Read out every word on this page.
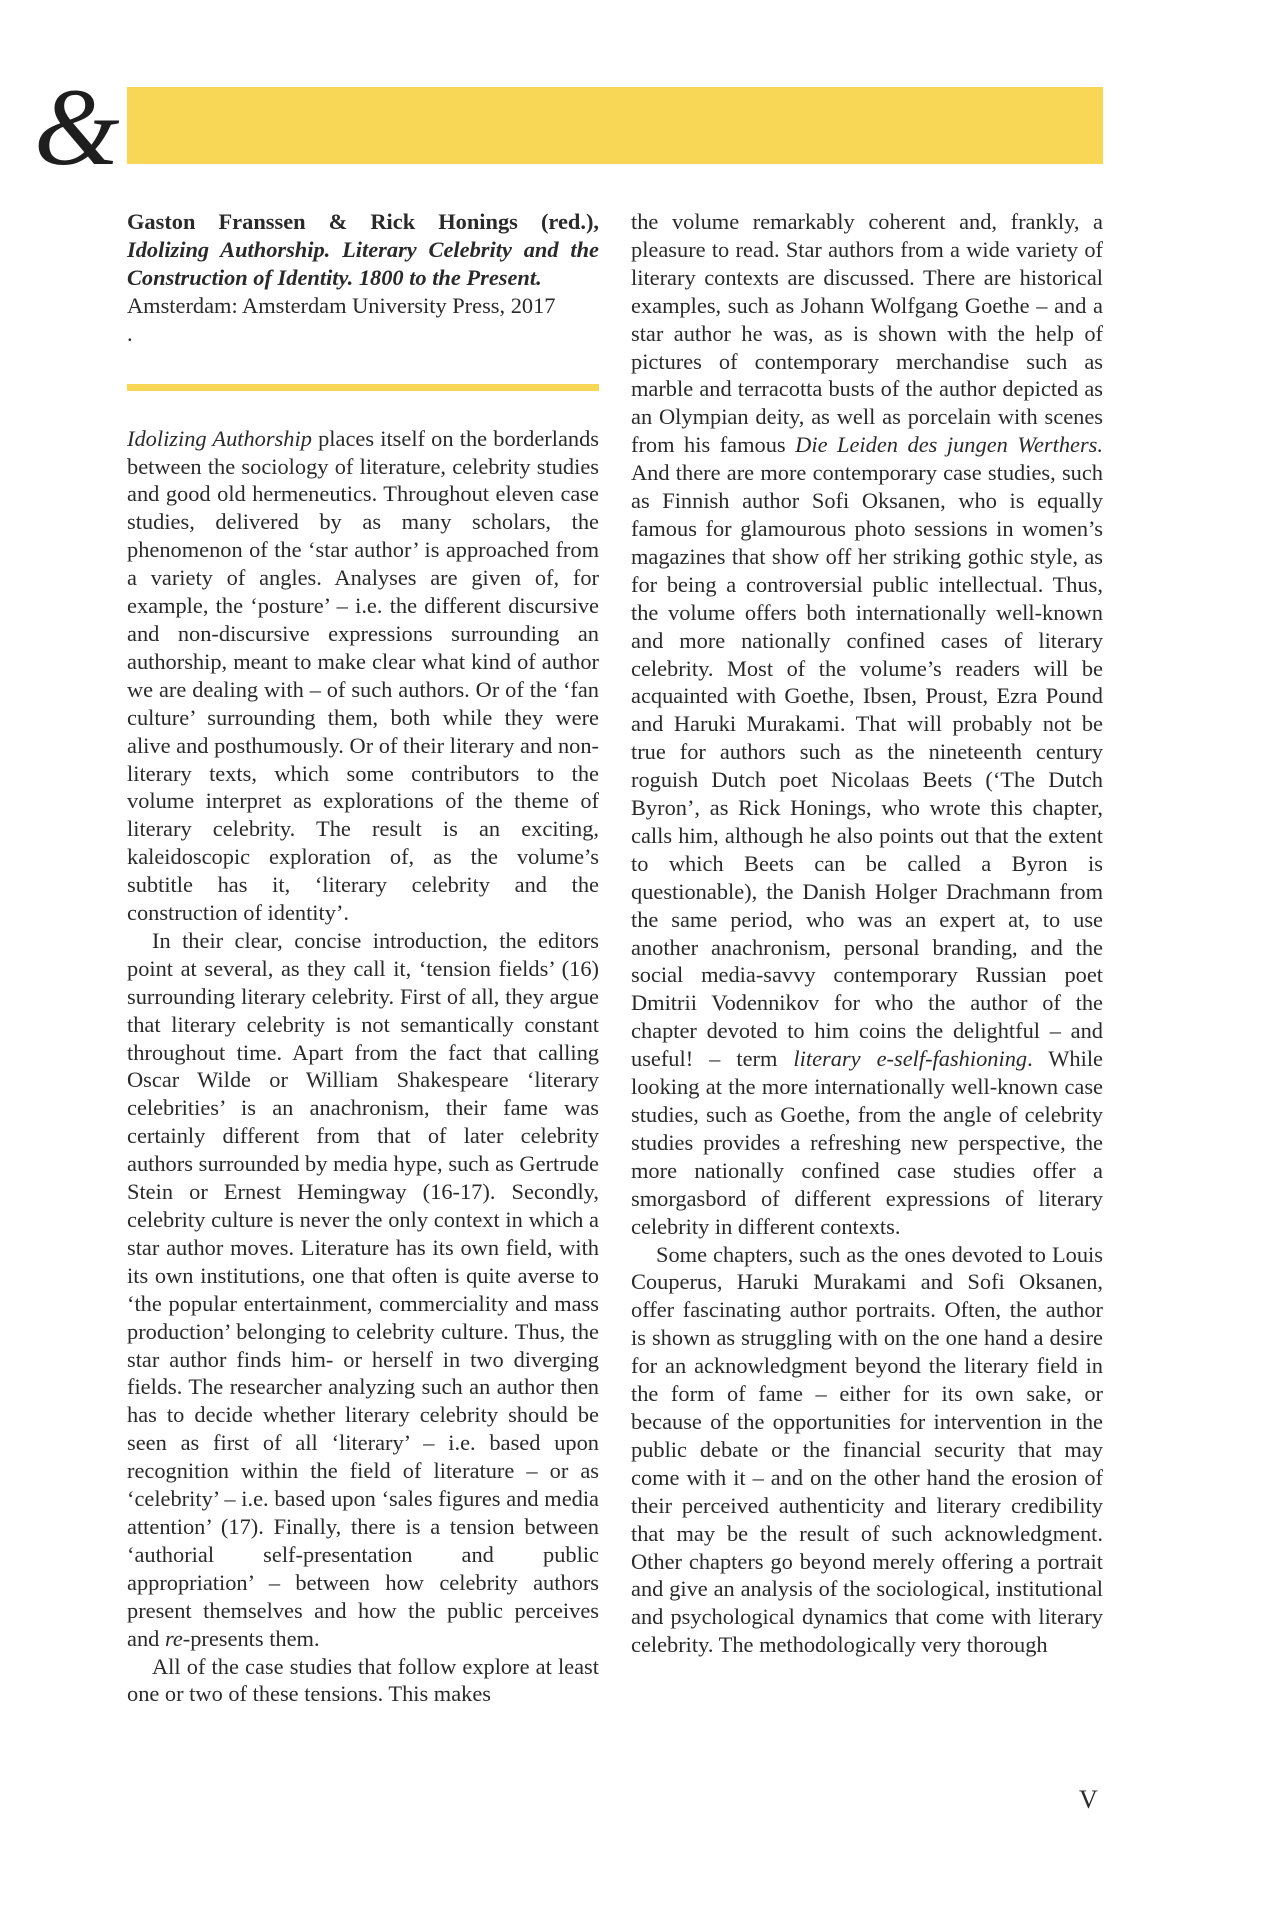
&

Gaston Franssen & Rick Honings (red.), Idolizing Authorship. Literary Celebrity and the Construction of Identity. 1800 to the Present.

Amsterdam: Amsterdam University Press, 2017

.

Idolizing Authorship places itself on the borderlands between the sociology of literature, celebrity studies and good old hermeneutics. Throughout eleven case studies, delivered by as many scholars, the phenomenon of the ‘star author’ is approached from a variety of angles. Analyses are given of, for example, the ‘posture’ – i.e. the different discursive and non-discursive expressions surrounding an authorship, meant to make clear what kind of author we are dealing with – of such authors. Or of the ‘fan culture’ surrounding them, both while they were alive and posthumously. Or of their literary and non-literary texts, which some contributors to the volume interpret as explorations of the theme of literary celebrity. The result is an exciting, kaleidoscopic exploration of, as the volume’s subtitle has it, ‘literary celebrity and the construction of identity’.

In their clear, concise introduction, the editors point at several, as they call it, ‘tension fields’ (16) surrounding literary celebrity. First of all, they argue that literary celebrity is not semantically constant throughout time. Apart from the fact that calling Oscar Wilde or William Shakespeare ‘literary celebrities’ is an anachronism, their fame was certainly different from that of later celebrity authors surrounded by media hype, such as Gertrude Stein or Ernest Hemingway (16-17). Secondly, celebrity culture is never the only context in which a star author moves. Literature has its own field, with its own institutions, one that often is quite averse to ‘the popular entertainment, commerciality and mass production’ belonging to celebrity culture. Thus, the star author finds him- or herself in two diverging fields. The researcher analyzing such an author then has to decide whether literary celebrity should be seen as first of all ‘literary’ – i.e. based upon recognition within the field of literature – or as ‘celebrity’ – i.e. based upon ‘sales figures and media attention’ (17). Finally, there is a tension between ‘authorial self-presentation and public appropriation’ – between how celebrity authors present themselves and how the public perceives and re-presents them.

All of the case studies that follow explore at least one or two of these tensions. This makes

the volume remarkably coherent and, frankly, a pleasure to read. Star authors from a wide variety of literary contexts are discussed. There are historical examples, such as Johann Wolfgang Goethe – and a star author he was, as is shown with the help of pictures of contemporary merchandise such as marble and terracotta busts of the author depicted as an Olympian deity, as well as porcelain with scenes from his famous Die Leiden des jungen Werthers. And there are more contemporary case studies, such as Finnish author Sofi Oksanen, who is equally famous for glamourous photo sessions in women’s magazines that show off her striking gothic style, as for being a controversial public intellectual. Thus, the volume offers both internationally well-known and more nationally confined cases of literary celebrity. Most of the volume’s readers will be acquainted with Goethe, Ibsen, Proust, Ezra Pound and Haruki Murakami. That will probably not be true for authors such as the nineteenth century roguish Dutch poet Nicolaas Beets (‘The Dutch Byron’, as Rick Honings, who wrote this chapter, calls him, although he also points out that the extent to which Beets can be called a Byron is questionable), the Danish Holger Drachmann from the same period, who was an expert at, to use another anachronism, personal branding, and the social media-savvy contemporary Russian poet Dmitrii Vodennikov for who the author of the chapter devoted to him coins the delightful – and useful! – term literary e-self-fashioning. While looking at the more internationally well-known case studies, such as Goethe, from the angle of celebrity studies provides a refreshing new perspective, the more nationally confined case studies offer a smorgasbord of different expressions of literary celebrity in different contexts.

Some chapters, such as the ones devoted to Louis Couperus, Haruki Murakami and Sofi Oksanen, offer fascinating author portraits. Often, the author is shown as struggling with on the one hand a desire for an acknowledgment beyond the literary field in the form of fame – either for its own sake, or because of the opportunities for intervention in the public debate or the financial security that may come with it – and on the other hand the erosion of their perceived authenticity and literary credibility that may be the result of such acknowledgment. Other chapters go beyond merely offering a portrait and give an analysis of the sociological, institutional and psychological dynamics that come with literary celebrity. The methodologically very thorough

V
